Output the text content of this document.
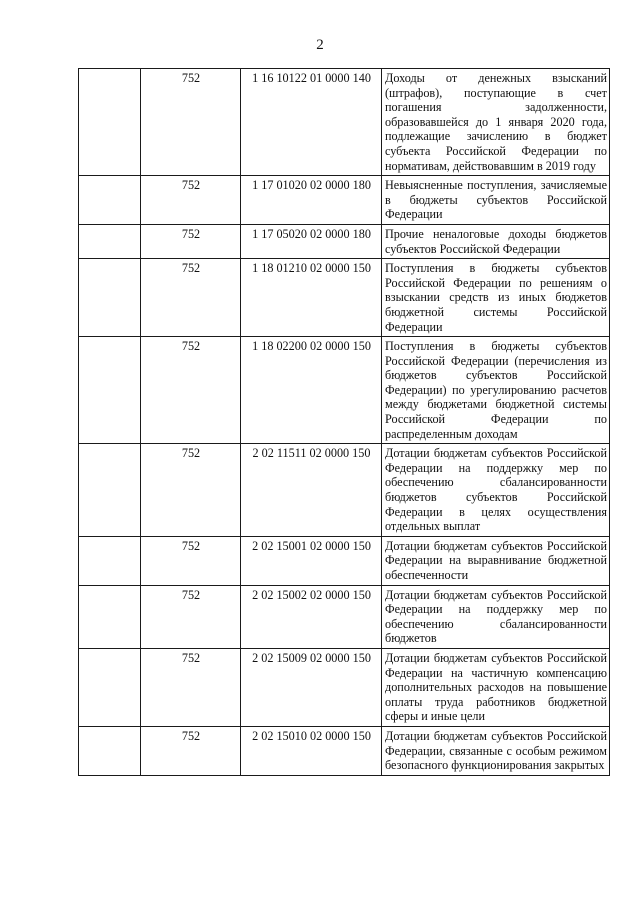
2
	752	1 16 10122 01 0000 140	Доходы от денежных взысканий (штрафов), поступающие в счет погашения задолженности, образовавшейся до 1 января 2020 года, подлежащие зачислению в бюджет субъекта Российской Федерации по нормативам, действовавшим в 2019 году
	752	1 17 01020 02 0000 180	Невыясненные поступления, зачисляемые в бюджеты субъектов Российской Федерации
	752	1 17 05020 02 0000 180	Прочие неналоговые доходы бюджетов субъектов Российской Федерации
	752	1 18 01210 02 0000 150	Поступления в бюджеты субъектов Российской Федерации по решениям о взыскании средств из иных бюджетов бюджетной системы Российской Федерации
	752	1 18 02200 02 0000 150	Поступления в бюджеты субъектов Российской Федерации (перечисления из бюджетов субъектов Российской Федерации) по урегулированию расчетов между бюджетами бюджетной системы Российской Федерации по распределенным доходам
	752	2 02 11511 02 0000 150	Дотации бюджетам субъектов Российской Федерации на поддержку мер по обеспечению сбалансированности бюджетов субъектов Российской Федерации в целях осуществления отдельных выплат
	752	2 02 15001 02 0000 150	Дотации бюджетам субъектов Российской Федерации на выравнивание бюджетной обеспеченности
	752	2 02 15002 02 0000 150	Дотации бюджетам субъектов Российской Федерации на поддержку мер по обеспечению сбалансированности бюджетов
	752	2 02 15009 02 0000 150	Дотации бюджетам субъектов Российской Федерации на частичную компенсацию дополнительных расходов на повышение оплаты труда работников бюджетной сферы и иные цели
	752	2 02 15010 02 0000 150	Дотации бюджетам субъектов Российской Федерации, связанные с особым режимом безопасного функционирования закрытых
